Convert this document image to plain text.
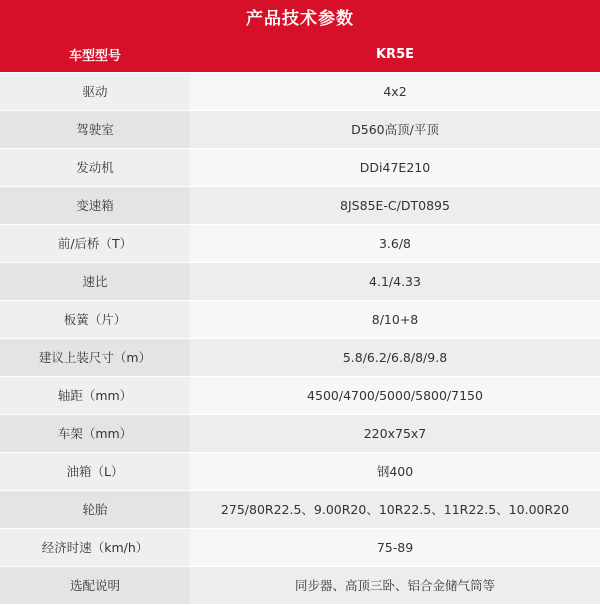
产品技术参数
车型型号	KR5E
驱动	4x2
驾驶室	D560高顶/平顶
发动机	DDi47E210
变速箱	8JS85E-C/DT0895
前/后桥（T）	3.6/8
速比	4.1/4.33
板簧（片）	8/10+8
建议上装尺寸（m）	5.8/6.2/6.8/8/9.8
轴距（mm）	4500/4700/5000/5800/7150
车架（mm）	220x75x7
油箱（L）	钢400
轮胎	275/80R22.5、9.00R20、10R22.5、11R22.5、10.00R20
经济时速（km/h）	75-89
选配说明	同步器、高顶三卧、铝合金储气筒等
